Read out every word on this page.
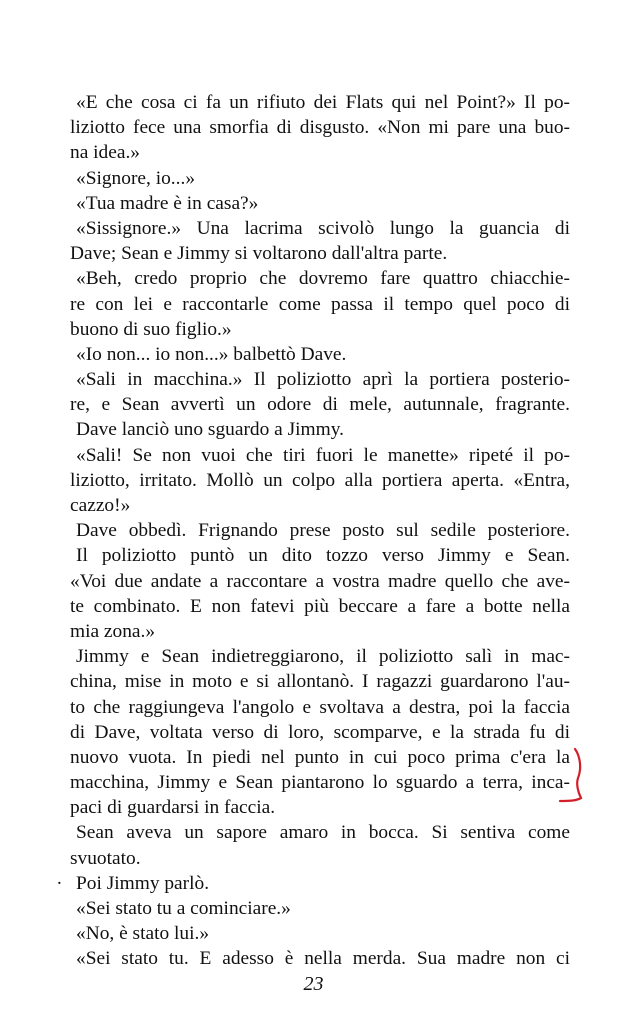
«E che cosa ci fa un rifiuto dei Flats qui nel Point?» Il po-
liziotto fece una smorfia di disgusto. «Non mi pare una buo-
na idea.»
«Signore, io...»
«Tua madre è in casa?»
«Sissignore.» Una lacrima scivolò lungo la guancia di
Dave; Sean e Jimmy si voltarono dall'altra parte.
«Beh, credo proprio che dovremo fare quattro chiacchie-
re con lei e raccontarle come passa il tempo quel poco di
buono di suo figlio.»
«Io non... io non...» balbettò Dave.
«Sali in macchina.» Il poliziotto aprì la portiera posterio-
re, e Sean avvertì un odore di mele, autunnale, fragrante.
Dave lanciò uno sguardo a Jimmy.
«Sali! Se non vuoi che tiri fuori le manette» ripeté il po-
liziotto, irritato. Mollò un colpo alla portiera aperta. «Entra,
cazzo!»
Dave obbedì. Frignando prese posto sul sedile posteriore.
Il poliziotto puntò un dito tozzo verso Jimmy e Sean.
«Voi due andate a raccontare a vostra madre quello che ave-
te combinato. E non fatevi più beccare a fare a botte nella
mia zona.»
Jimmy e Sean indietreggiarono, il poliziotto salì in mac-
china, mise in moto e si allontanò. I ragazzi guardarono l'au-
to che raggiungeva l'angolo e svoltava a destra, poi la faccia
di Dave, voltata verso di loro, scomparve, e la strada fu di
nuovo vuota. In piedi nel punto in cui poco prima c'era la
macchina, Jimmy e Sean piantarono lo sguardo a terra, inca-
paci di guardarsi in faccia.
Sean aveva un sapore amaro in bocca. Si sentiva come
svuotato.
Poi Jimmy parlò.
«Sei stato tu a cominciare.»
«No, è stato lui.»
«Sei stato tu. E adesso è nella merda. Sua madre non ci
.
23
